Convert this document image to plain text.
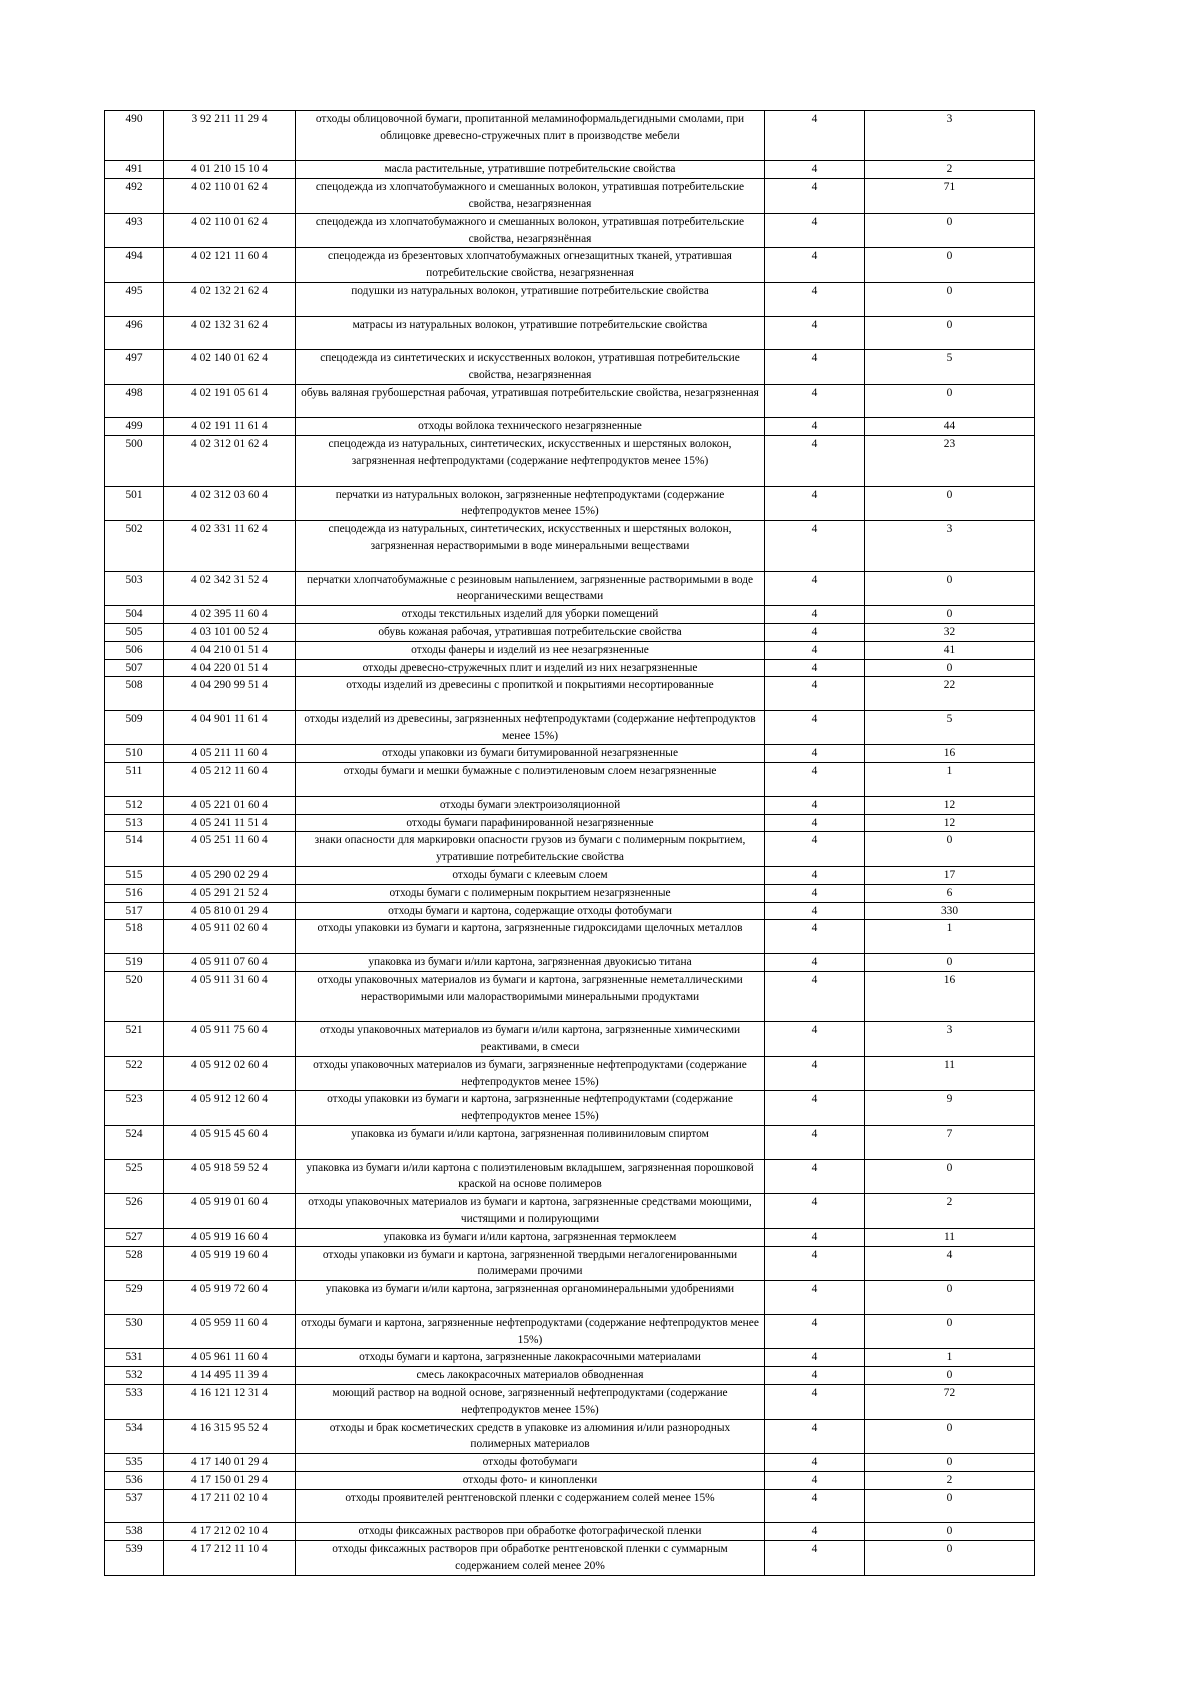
490	3 92 211 11 29 4	отходы облицовочной бумаги, пропитанной меламиноформальдегидными смолами, при облицовке древесно-стружечных плит в производстве мебели	4	3
491	4 01 210 15 10 4	масла растительные, утратившие потребительские свойства	4	2
492	4 02 110 01 62 4	спецодежда из хлопчатобумажного и смешанных волокон, утратившая потребительские свойства, незагрязненная	4	71
493	4 02 110 01 62 4	спецодежда из хлопчатобумажного и смешанных волокон, утратившая потребительские свойства, незагрязнённая	4	0
494	4 02 121 11 60 4	спецодежда из брезентовых хлопчатобумажных огнезащитных тканей, утратившая потребительские свойства, незагрязненная	4	0
495	4 02 132 21 62 4	подушки из натуральных волокон, утратившие потребительские свойства	4	0
496	4 02 132 31 62 4	матрасы из натуральных волокон, утратившие потребительские свойства	4	0
497	4 02 140 01 62 4	спецодежда из синтетических и искусственных волокон, утратившая потребительские свойства, незагрязненная	4	5
498	4 02 191 05 61 4	обувь валяная грубошерстная рабочая, утратившая потребительские свойства, незагрязненная	4	0
499	4 02 191 11 61 4	отходы войлока технического незагрязненные	4	44
500	4 02 312 01 62 4	спецодежда из натуральных, синтетических, искусственных и шерстяных волокон, загрязненная нефтепродуктами (содержание нефтепродуктов менее 15%)	4	23
501	4 02 312 03 60 4	перчатки из натуральных волокон, загрязненные нефтепродуктами (содержание нефтепродуктов менее 15%)	4	0
502	4 02 331 11 62 4	спецодежда из натуральных, синтетических, искусственных и шерстяных волокон, загрязненная нерастворимыми в воде минеральными веществами	4	3
503	4 02 342 31 52 4	перчатки хлопчатобумажные с резиновым напылением, загрязненные растворимыми в воде неорганическими веществами	4	0
504	4 02 395 11 60 4	отходы текстильных изделий для уборки помещений	4	0
505	4 03 101 00 52 4	обувь кожаная рабочая, утратившая потребительские свойства	4	32
506	4 04 210 01 51 4	отходы фанеры и изделий из нее незагрязненные	4	41
507	4 04 220 01 51 4	отходы древесно-стружечных плит и изделий из них незагрязненные	4	0
508	4 04 290 99 51 4	отходы изделий из древесины с пропиткой и покрытиями несортированные	4	22
509	4 04 901 11 61 4	отходы изделий из древесины, загрязненных нефтепродуктами (содержание нефтепродуктов менее 15%)	4	5
510	4 05 211 11 60 4	отходы упаковки из бумаги битумированной незагрязненные	4	16
511	4 05 212 11 60 4	отходы бумаги и мешки бумажные с полиэтиленовым слоем незагрязненные	4	1
512	4 05 221 01 60 4	отходы бумаги электроизоляционной	4	12
513	4 05 241 11 51 4	отходы бумаги парафинированной незагрязненные	4	12
514	4 05 251 11 60 4	знаки опасности для маркировки опасности грузов из бумаги с полимерным покрытием, утратившие потребительские свойства	4	0
515	4 05 290 02 29 4	отходы бумаги с клеевым слоем	4	17
516	4 05 291 21 52 4	отходы бумаги с полимерным покрытием незагрязненные	4	6
517	4 05 810 01 29 4	отходы бумаги и картона, содержащие отходы фотобумаги	4	330
518	4 05 911 02 60 4	отходы упаковки из бумаги и картона, загрязненные гидроксидами щелочных металлов	4	1
519	4 05 911 07 60 4	упаковка из бумаги и/или картона, загрязненная двуокисью титана	4	0
520	4 05 911 31 60 4	отходы упаковочных материалов из бумаги и картона, загрязненные неметаллическими нерастворимыми или малорастворимыми минеральными продуктами	4	16
521	4 05 911 75 60 4	отходы упаковочных материалов из бумаги и/или картона, загрязненные химическими реактивами, в смеси	4	3
522	4 05 912 02 60 4	отходы упаковочных материалов из бумаги, загрязненные нефтепродуктами (содержание нефтепродуктов менее 15%)	4	11
523	4 05 912 12 60 4	отходы упаковки из бумаги и картона, загрязненные нефтепродуктами (содержание нефтепродуктов менее 15%)	4	9
524	4 05 915 45 60 4	упаковка из бумаги и/или картона, загрязненная поливиниловым спиртом	4	7
525	4 05 918 59 52 4	упаковка из бумаги и/или картона с полиэтиленовым вкладышем, загрязненная порошковой краской на основе полимеров	4	0
526	4 05 919 01 60 4	отходы упаковочных материалов из бумаги и картона, загрязненные средствами моющими, чистящими и полирующими	4	2
527	4 05 919 16 60 4	упаковка из бумаги и/или картона, загрязненная термоклеем	4	11
528	4 05 919 19 60 4	отходы упаковки из бумаги и картона, загрязненной твердыми негалогенированными полимерами прочими	4	4
529	4 05 919 72 60 4	упаковка из бумаги и/или картона, загрязненная органоминеральными удобрениями	4	0
530	4 05 959 11 60 4	отходы бумаги и картона, загрязненные нефтепродуктами (содержание нефтепродуктов менее 15%)	4	0
531	4 05 961 11 60 4	отходы бумаги и картона, загрязненные лакокрасочными материалами	4	1
532	4 14 495 11 39 4	смесь лакокрасочных материалов обводненная	4	0
533	4 16 121 12 31 4	моющий раствор на водной основе, загрязненный нефтепродуктами (содержание нефтепродуктов менее 15%)	4	72
534	4 16 315 95 52 4	отходы и брак косметических средств в упаковке из алюминия и/или разнородных полимерных материалов	4	0
535	4 17 140 01 29 4	отходы фотобумаги	4	0
536	4 17 150 01 29 4	отходы фото- и кинопленки	4	2
537	4 17 211 02 10 4	отходы проявителей рентгеновской пленки с содержанием солей менее 15%	4	0
538	4 17 212 02 10 4	отходы фиксажных растворов при обработке фотографической пленки	4	0
539	4 17 212 11 10 4	отходы фиксажных растворов при обработке рентгеновской пленки с суммарным содержанием солей менее 20%	4	0
